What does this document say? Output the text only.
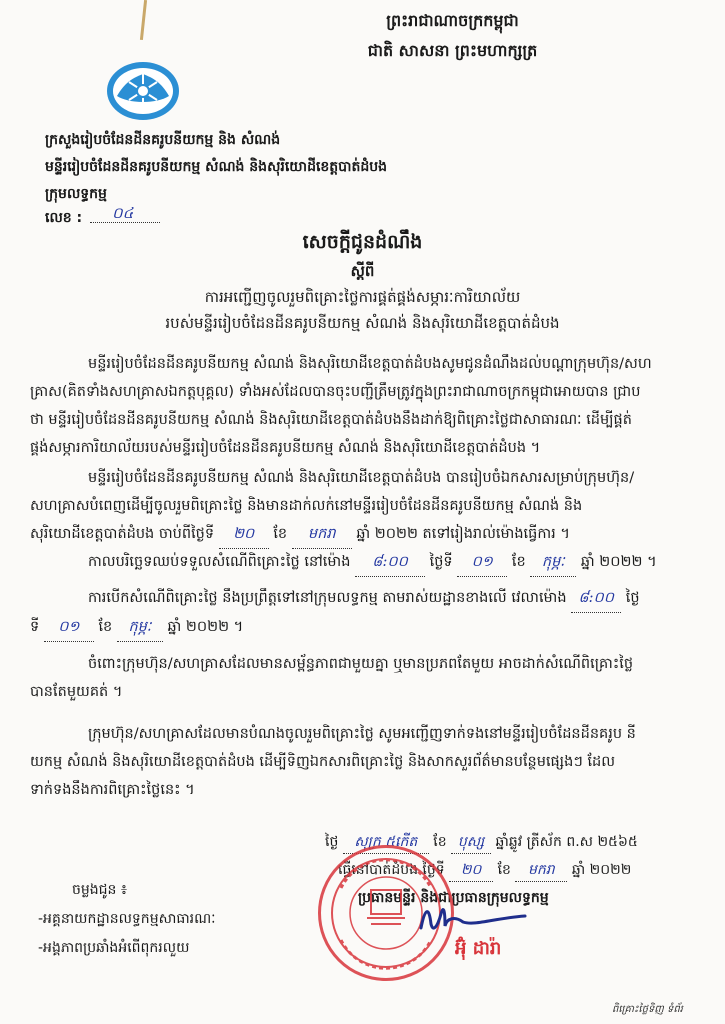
ព្រះរាជាណាចក្រកម្ពុជា
ជាតិ សាសនា ព្រះមហាក្សត្រ
ក្រសួងរៀបចំដែនដីនគរូបនីយកម្ម និង សំណង់
មន្ទីររៀបចំដែនដីនគរូបនីយកម្ម សំណង់ និងសុរិយោដីខេត្តបាត់ដំបង
ក្រុមលទ្ធកម្ម
លេខ : ០៤
សេចក្តីជូនដំណឹង
ស្តីពី
ការអញ្ជើញចូលរួមពិគ្រោះថ្លៃការផ្គត់ផ្គង់សម្ភារៈការិយាល័យ
របស់មន្ទីររៀបចំដែនដីនគរូបនីយកម្ម សំណង់ និងសុរិយោដីខេត្តបាត់ដំបង
មន្ទីររៀបចំដែនដីនគរូបនីយកម្ម សំណង់ និងសុរិយោដីខេត្តបាត់ដំបងសូមជូនដំណឹងដល់បណ្តាក្រុមហ៊ុន/សហ
គ្រាស(គិតទាំងសហគ្រាសឯកត្តបុគ្គល) ទាំងអស់ដែលបានចុះបញ្ជីត្រឹមត្រូវក្នុងព្រះរាជាណាចក្រកម្ពុជាអោយបាន ជ្រាប
ថា មន្ទីររៀបចំដែនដីនគរូបនីយកម្ម សំណង់ និងសុរិយោដីខេត្តបាត់ដំបងនឹងដាក់ឱ្យពិគ្រោះថ្លៃជាសាធារណៈ ដើម្បីផ្គត់
ផ្គង់សម្ភារការិយាល័យរបស់មន្ទីររៀបចំដែនដីនគរូបនីយកម្ម សំណង់ និងសុរិយោដីខេត្តបាត់ដំបង ។
មន្ទីររៀបចំដែនដីនគរូបនីយកម្ម សំណង់ និងសុរិយោដីខេត្តបាត់ដំបង បានរៀបចំឯកសារសម្រាប់ក្រុមហ៊ុន/
សហគ្រាសបំពេញដើម្បីចូលរួមពិគ្រោះថ្លៃ និងមានដាក់លក់នៅមន្ទីររៀបចំដែនដីនគរូបនីយកម្ម សំណង់ និង
សុរិយោដីខេត្តបាត់ដំបង ចាប់ពីថ្ងៃទី ២០ ខែ មករា ឆ្នាំ ២០២២ តទៅរៀងរាល់ម៉ោងធ្វើការ ។
កាលបរិច្ឆេទឈប់ទទួលសំណើពិគ្រោះថ្លៃ នៅម៉ោង ៨:០០ ថ្ងៃទី ០១ ខែ កុម្ភៈ ឆ្នាំ ២០២២ ។
ការបើកសំណើពិគ្រោះថ្លៃ នឹងប្រព្រឹត្តទៅនៅក្រុមលទ្ធកម្ម តាមរាស់យដ្ឋានខាងលើ វេលាម៉ោង ៨:០០ ថ្ងៃ
ទី ០១ ខែ កុម្ភៈ ឆ្នាំ ២០២២ ។
ចំពោះក្រុមហ៊ុន/សហគ្រាសដែលមានសម្ព័ន្ធភាពជាមួយគ្នា ឬមានប្រភពតែមួយ អាចដាក់សំណើពិគ្រោះថ្លៃ
បានតែមួយគត់ ។
ក្រុមហ៊ុន/សហគ្រាសដែលមានបំណងចូលរួមពិគ្រោះថ្លៃ សូមអញ្ជើញទាក់ទងនៅមន្ទីររៀបចំដែនដីនគរូប នី
យកម្ម សំណង់ និងសុរិយោដីខេត្តបាត់ដំបង ដើម្បីទិញឯកសារពិគ្រោះថ្លៃ និងសាកសួរព័ត៌មានបន្ថែមផ្សេងៗ ដែល
ទាក់ទងនឹងការពិគ្រោះថ្លៃនេះ ។
ថ្ងៃ សុក្រ ៥កើត ខែ បុស្ស ឆ្នាំឆ្លូវ ត្រីស័ក ព.ស ២៥៦៥
ធ្វើនៅបាត់ដំបង ថ្ងៃទី ២០ ខែ មករា ឆ្នាំ ២០២២
ប្រធានមន្ទីរ និងជាប្រធានក្រុមលទ្ធកម្ម
អ៊ុំ ដារ៉ា
ចម្លងជូន ៖
-អគ្គនាយកដ្ឋានលទ្ធកម្មសាធារណៈ
-អង្គភាពប្រឆាំងអំពើពុករលួយ
ពិគ្រោះថ្លៃទិញ ទំព័រ
